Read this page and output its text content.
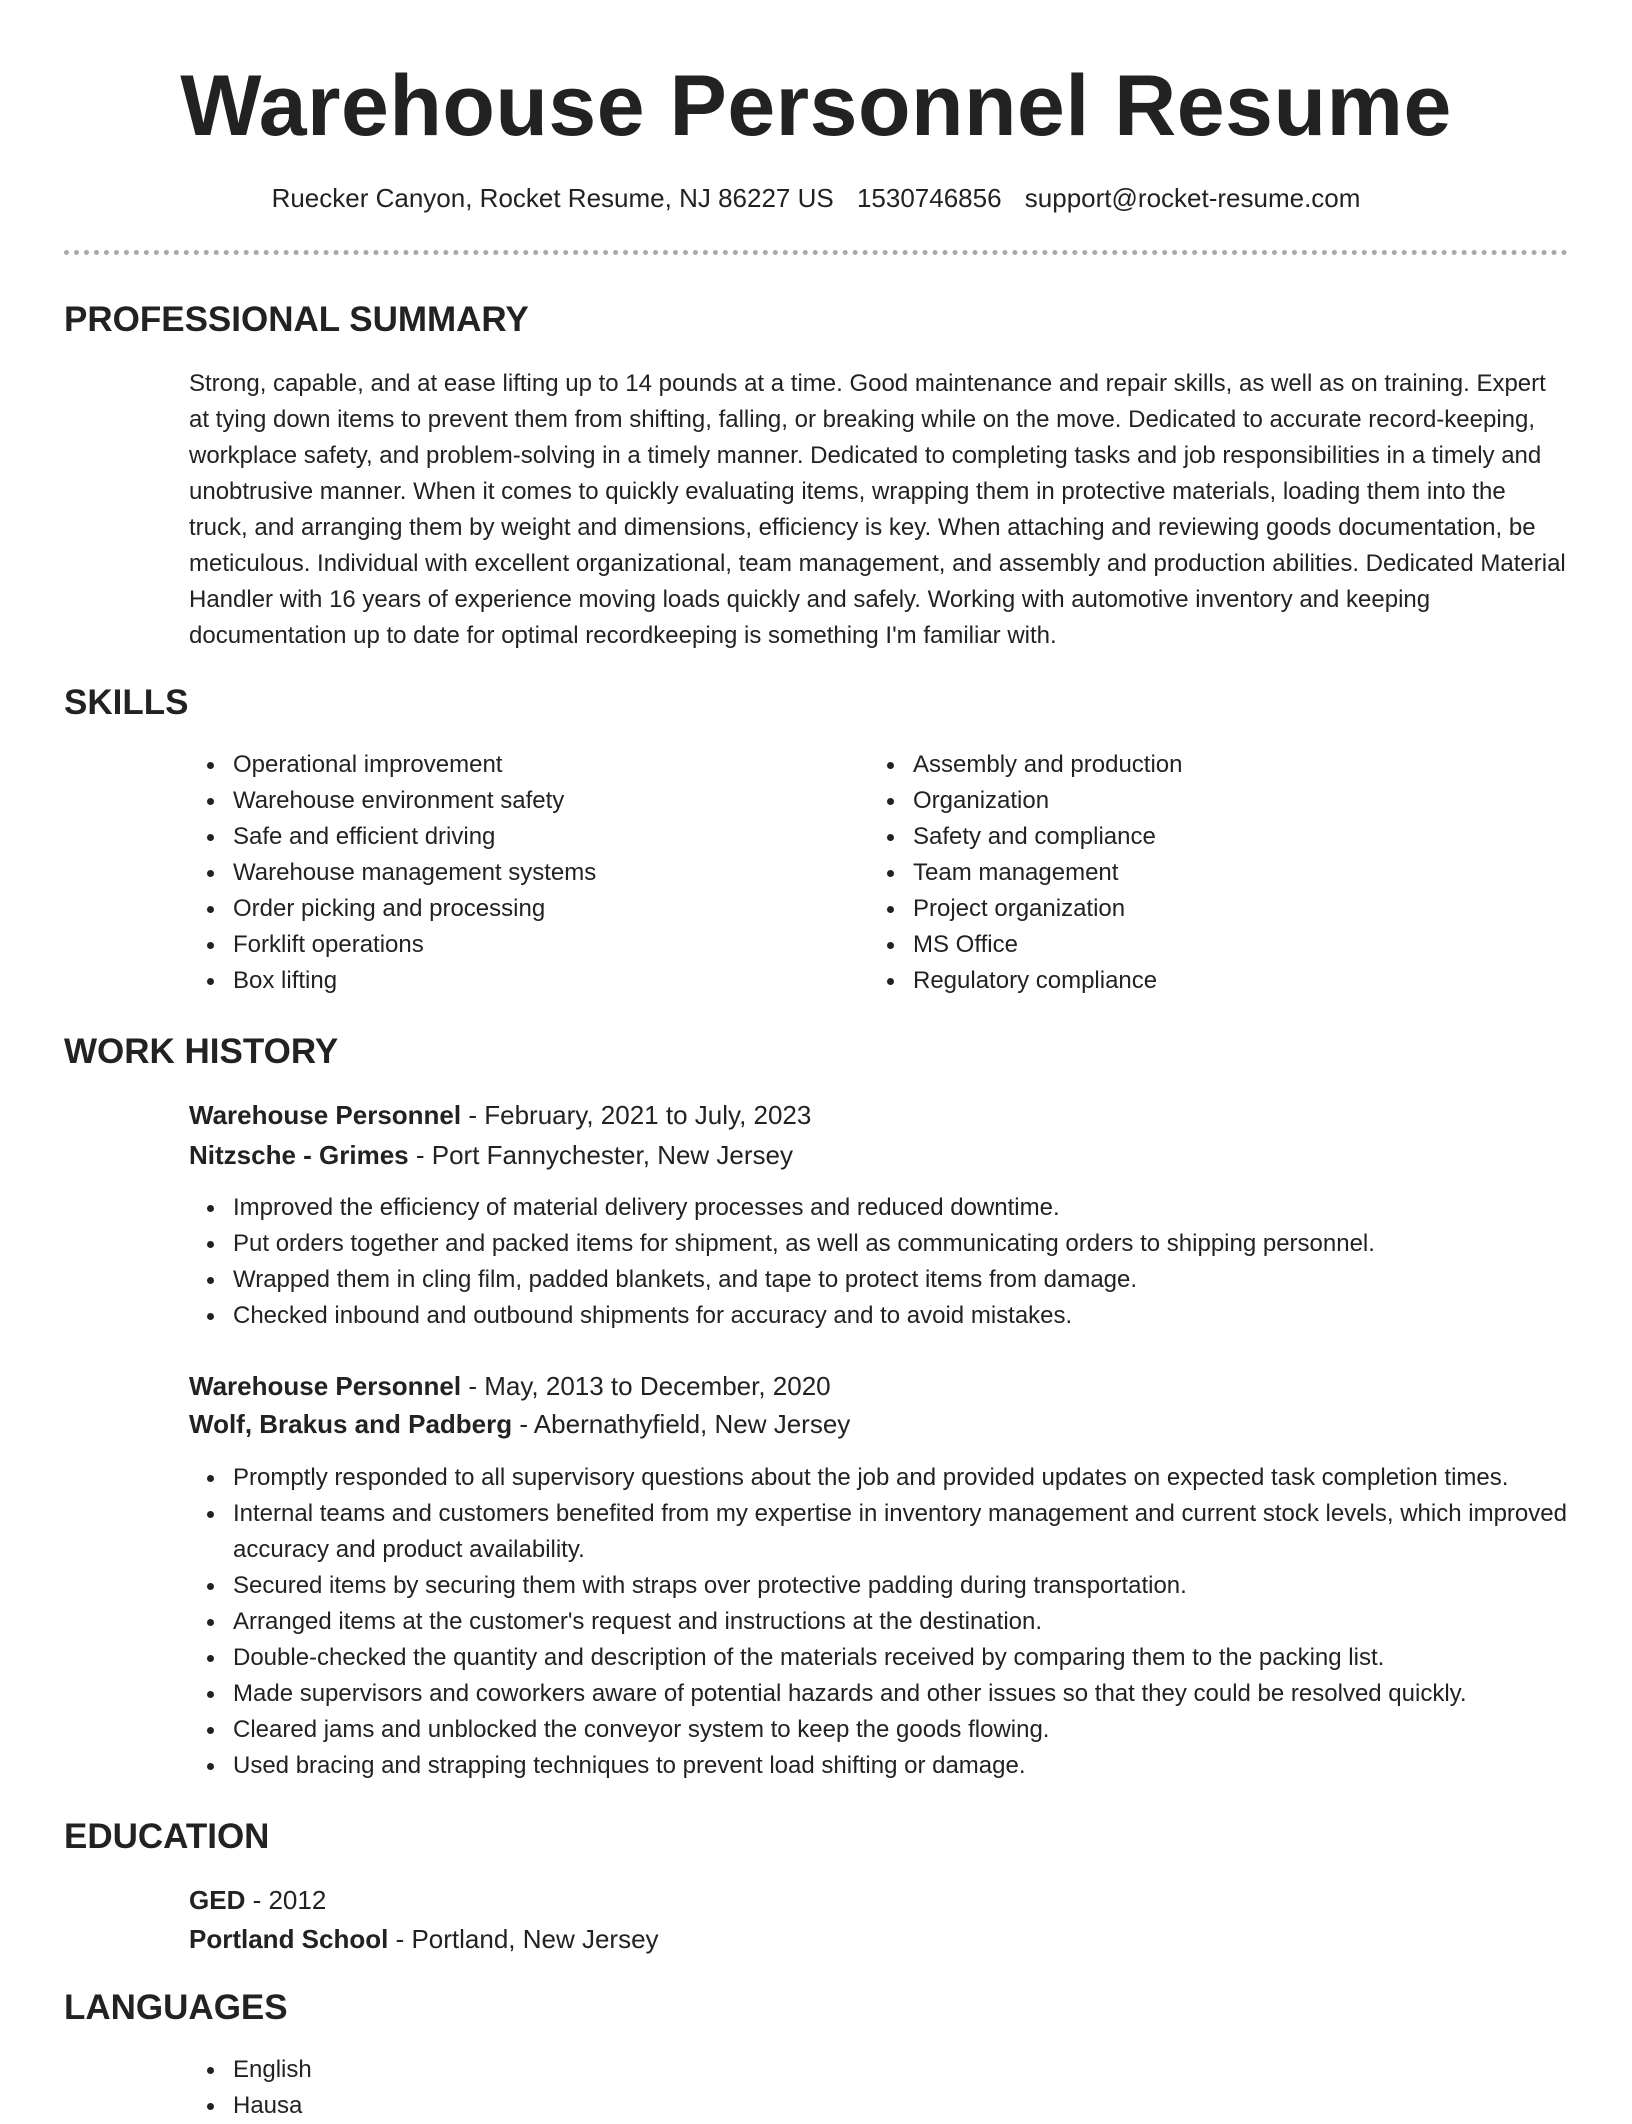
Warehouse Personnel Resume
Ruecker Canyon, Rocket Resume, NJ 86227 US 1530746856 support@rocket-resume.com
PROFESSIONAL SUMMARY

Strong, capable, and at ease lifting up to 14 pounds at a time. Good maintenance and repair skills, as well as on training. Expert at tying down items to prevent them from shifting, falling, or breaking while on the move. Dedicated to accurate record-keeping, workplace safety, and problem-solving in a timely manner. Dedicated to completing tasks and job responsibilities in a timely and unobtrusive manner. When it comes to quickly evaluating items, wrapping them in protective materials, loading them into the truck, and arranging them by weight and dimensions, efficiency is key. When attaching and reviewing goods documentation, be meticulous. Individual with excellent organizational, team management, and assembly and production abilities. Dedicated Material Handler with 16 years of experience moving loads quickly and safely. Working with automotive inventory and keeping documentation up to date for optimal recordkeeping is something I'm familiar with.

SKILLS
Operational improvement
Warehouse environment safety
Safe and efficient driving
Warehouse management systems
Order picking and processing
Forklift operations
Box lifting
Assembly and production
Organization
Safety and compliance
Team management
Project organization
MS Office
Regulatory compliance
WORK HISTORY

Warehouse Personnel - February, 2021 to July, 2023

Nitzsche - Grimes - Port Fannychester, New Jersey

Improved the efficiency of material delivery processes and reduced downtime.
Put orders together and packed items for shipment, as well as communicating orders to shipping personnel.
Wrapped them in cling film, padded blankets, and tape to protect items from damage.
Checked inbound and outbound shipments for accuracy and to avoid mistakes.

Warehouse Personnel - May, 2013 to December, 2020

Wolf, Brakus and Padberg - Abernathyfield, New Jersey

Promptly responded to all supervisory questions about the job and provided updates on expected task completion times.
Internal teams and customers benefited from my expertise in inventory management and current stock levels, which improved accuracy and product availability.
Secured items by securing them with straps over protective padding during transportation.
Arranged items at the customer's request and instructions at the destination.
Double-checked the quantity and description of the materials received by comparing them to the packing list.
Made supervisors and coworkers aware of potential hazards and other issues so that they could be resolved quickly.
Cleared jams and unblocked the conveyor system to keep the goods flowing.
Used bracing and strapping techniques to prevent load shifting or damage.
EDUCATION

GED - 2012

Portland School - Portland, New Jersey

LANGUAGES
English
Hausa
